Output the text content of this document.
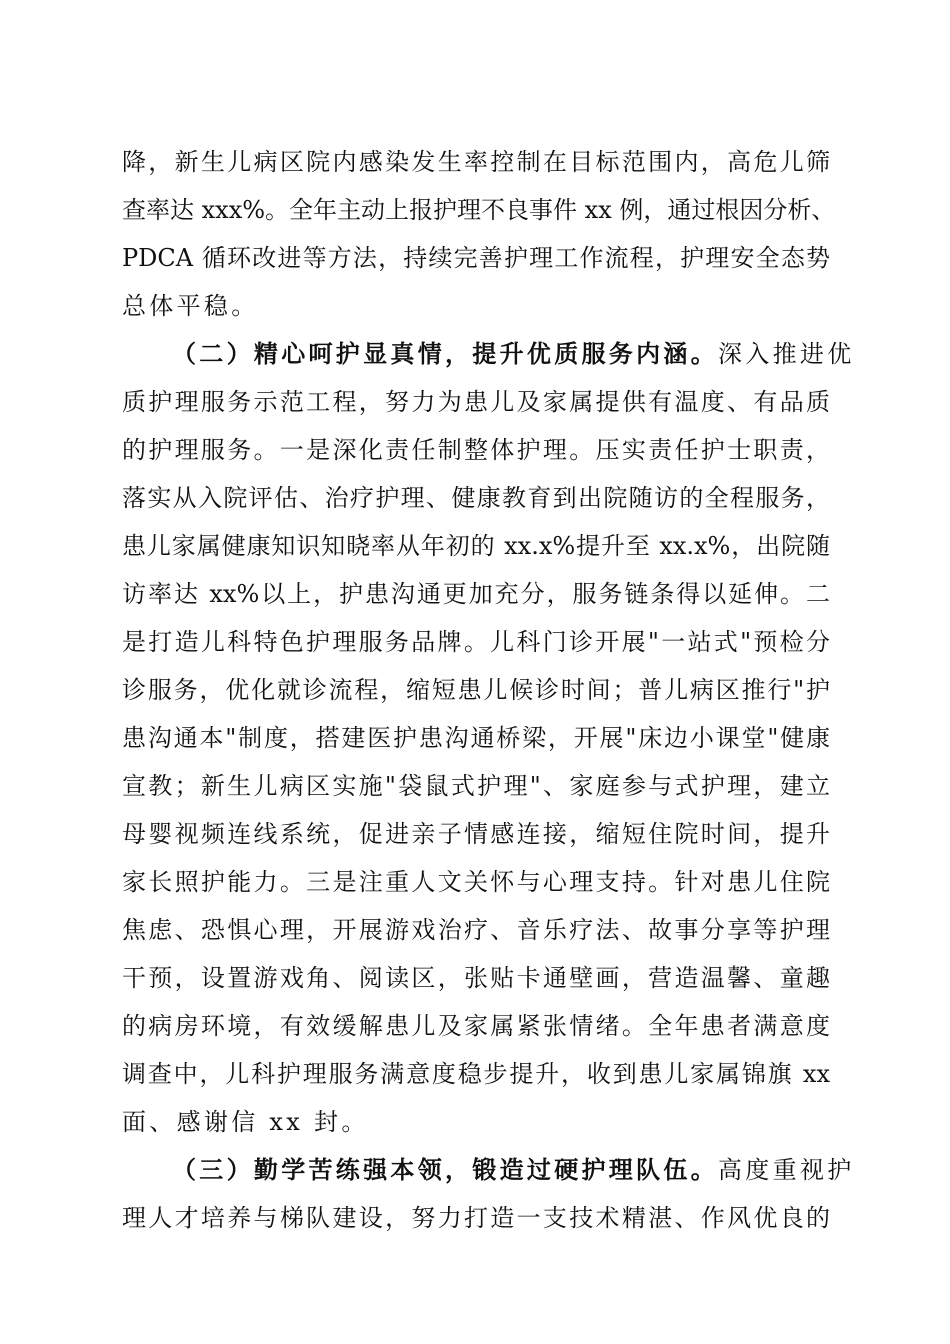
降，新生儿病区院内感染发生率控制在目标范围内，高危儿筛
查率达 xxx%。全年主动上报护理不良事件 xx 例，通过根因分析、
PDCA 循环改进等方法，持续完善护理工作流程，护理安全态势
总体平稳。
（二）精心呵护显真情，提升优质服务内涵。深入推进优
质护理服务示范工程，努力为患儿及家属提供有温度、有品质
的护理服务。一是深化责任制整体护理。压实责任护士职责，
落实从入院评估、治疗护理、健康教育到出院随访的全程服务，
患儿家属健康知识知晓率从年初的 xx.x%提升至 xx.x%，出院随
访率达 xx%以上，护患沟通更加充分，服务链条得以延伸。二
是打造儿科特色护理服务品牌。儿科门诊开展"一站式"预检分
诊服务，优化就诊流程，缩短患儿候诊时间；普儿病区推行"护
患沟通本"制度，搭建医护患沟通桥梁，开展"床边小课堂"健康
宣教；新生儿病区实施"袋鼠式护理"、家庭参与式护理，建立
母婴视频连线系统，促进亲子情感连接，缩短住院时间，提升
家长照护能力。三是注重人文关怀与心理支持。针对患儿住院
焦虑、恐惧心理，开展游戏治疗、音乐疗法、故事分享等护理
干预，设置游戏角、阅读区，张贴卡通壁画，营造温馨、童趣
的病房环境，有效缓解患儿及家属紧张情绪。全年患者满意度
调查中，儿科护理服务满意度稳步提升，收到患儿家属锦旗 xx
面、感谢信 xx 封。
（三）勤学苦练强本领，锻造过硬护理队伍。高度重视护
理人才培养与梯队建设，努力打造一支技术精湛、作风优良的
